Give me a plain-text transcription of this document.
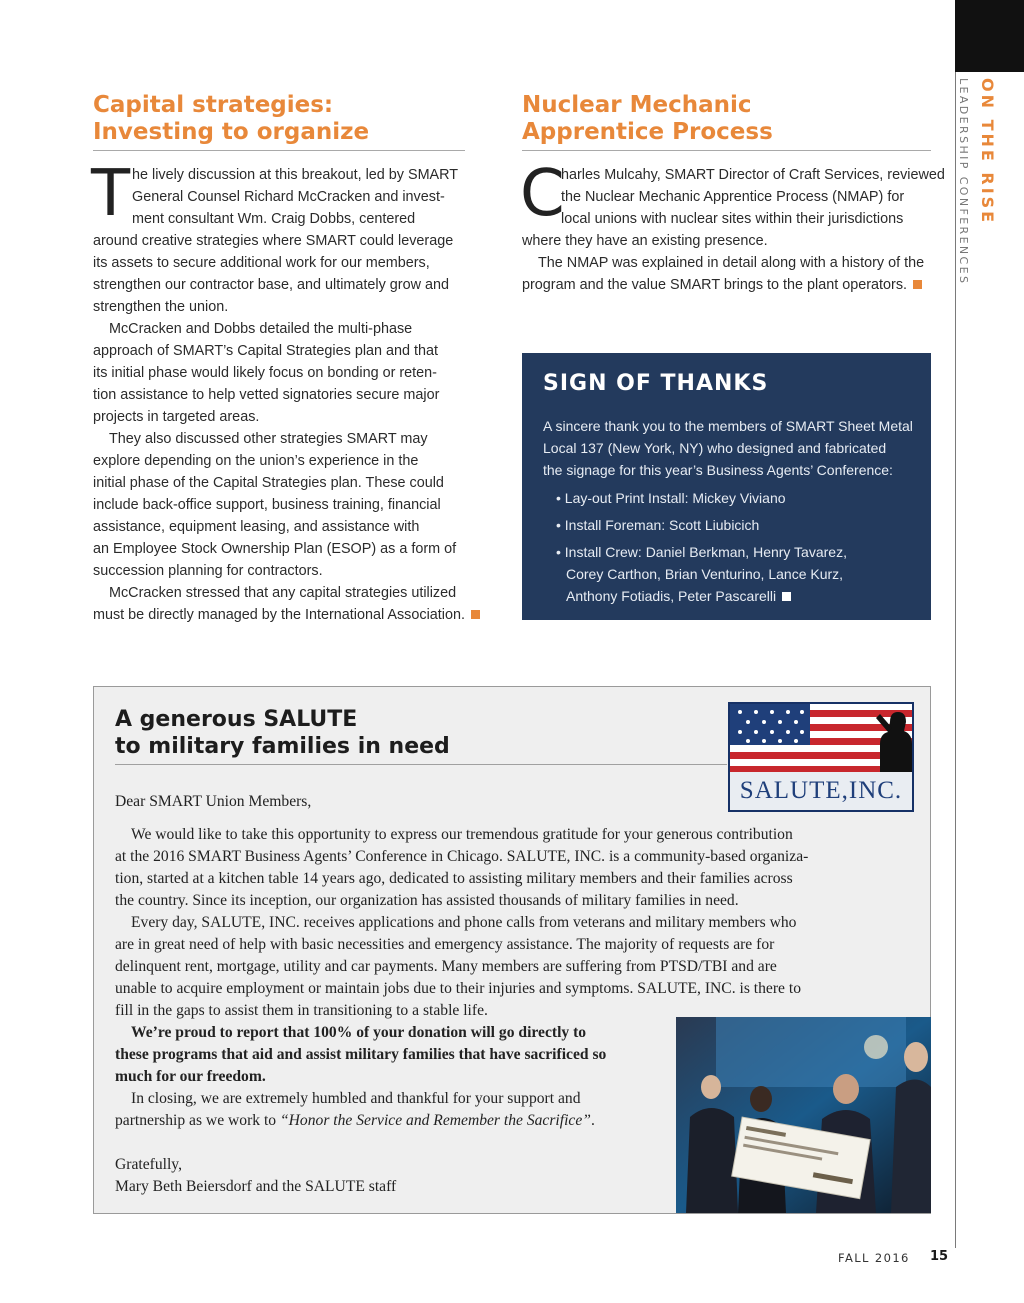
ON THE RISE
LEADERSHIP CONFERENCES
Capital strategies:
Investing to organize
T he lively discussion at this breakout, led by SMART
General Counsel Richard McCracken and invest-
ment consultant Wm. Craig Dobbs, centered
around creative strategies where SMART could leverage
its assets to secure additional work for our members,
strengthen our contractor base, and ultimately grow and
strengthen the union.
McCracken and Dobbs detailed the multi-phase
approach of SMART’s Capital Strategies plan and that
its initial phase would likely focus on bonding or reten-
tion assistance to help vetted signatories secure major
projects in targeted areas.
They also discussed other strategies SMART may
explore depending on the union’s experience in the
initial phase of the Capital Strategies plan. These could
include back-office support, business training, financial
assistance, equipment leasing, and assistance with
an Employee Stock Ownership Plan (ESOP) as a form of
succession planning for contractors.
McCracken stressed that any capital strategies utilized
must be directly managed by the International Association.
Nuclear Mechanic
Apprentice Process
C
harles Mulcahy, SMART Director of Craft Services, reviewed
the Nuclear Mechanic Apprentice Process (NMAP) for
local unions with nuclear sites within their jurisdictions
where they have an existing presence.
The NMAP was explained in detail along with a history of the
program and the value SMART brings to the plant operators.
SIGN OF THANKS
A sincere thank you to the members of SMART Sheet Metal
Local 137 (New York, NY) who designed and fabricated
the signage for this year’s Business Agents’ Conference:
• Lay-out Print Install: Mickey Viviano
• Install Foreman: Scott Liubicich
• Install Crew: Daniel Berkman, Henry Tavarez,
Corey Carthon, Brian Venturino, Lance Kurz,
Anthony Fotiadis, Peter Pascarelli
A generous SALUTE
to military families in need
SALUTE,INC.
Dear SMART Union Members,
We would like to take this opportunity to express our tremendous gratitude for your generous contribution
at the 2016 SMART Business Agents’ Conference in Chicago. SALUTE, INC. is a community-based organiza-
tion, started at a kitchen table 14 years ago, dedicated to assisting military members and their families across
the country. Since its inception, our organization has assisted thousands of military families in need.
Every day, SALUTE, INC. receives applications and phone calls from veterans and military members who
are in great need of help with basic necessities and emergency assistance. The majority of requests are for
delinquent rent, mortgage, utility and car payments. Many members are suffering from PTSD/TBI and are
unable to acquire employment or maintain jobs due to their injuries and symptoms. SALUTE, INC. is there to
fill in the gaps to assist them in transitioning to a stable life.
We’re proud to report that 100% of your donation will go directly to
these programs that aid and assist military families that have sacrificed so
much for our freedom.
In closing, we are extremely humbled and thankful for your support and
partnership as we work to “Honor the Service and Remember the Sacrifice”.
Gratefully,
Mary Beth Beiersdorf and the SALUTE staff
FALL 2016 15
